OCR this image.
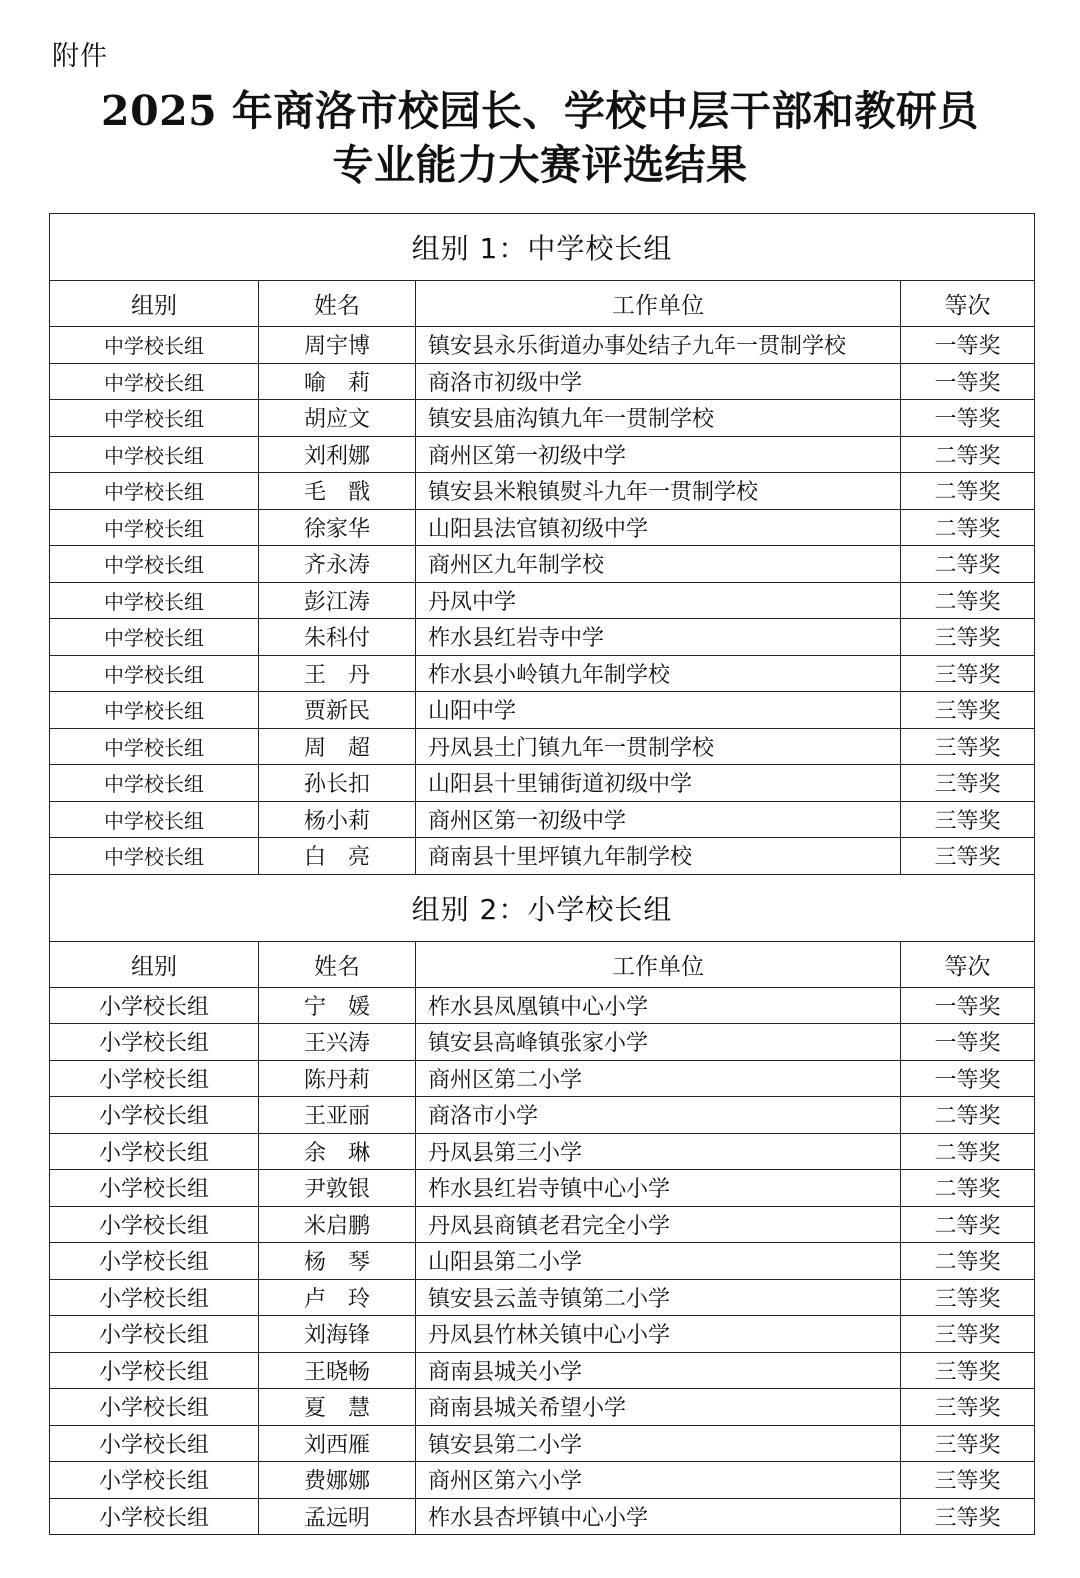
附件
2025 年商洛市校园长、学校中层干部和教研员
专业能力大赛评选结果
组别 1：中学校长组			
组别	姓名	工作单位	等次
中学校长组	周宇博	镇安县永乐街道办事处结子九年一贯制学校	一等奖
中学校长组	喻　莉	商洛市初级中学	一等奖
中学校长组	胡应文	镇安县庙沟镇九年一贯制学校	一等奖
中学校长组	刘利娜	商州区第一初级中学	二等奖
中学校长组	毛　戬	镇安县米粮镇熨斗九年一贯制学校	二等奖
中学校长组	徐家华	山阳县法官镇初级中学	二等奖
中学校长组	齐永涛	商州区九年制学校	二等奖
中学校长组	彭江涛	丹凤中学	二等奖
中学校长组	朱科付	柞水县红岩寺中学	三等奖
中学校长组	王　丹	柞水县小岭镇九年制学校	三等奖
中学校长组	贾新民	山阳中学	三等奖
中学校长组	周　超	丹凤县土门镇九年一贯制学校	三等奖
中学校长组	孙长扣	山阳县十里铺街道初级中学	三等奖
中学校长组	杨小莉	商州区第一初级中学	三等奖
中学校长组	白　亮	商南县十里坪镇九年制学校	三等奖
组别 2：小学校长组			
组别	姓名	工作单位	等次
小学校长组	宁　媛	柞水县凤凰镇中心小学	一等奖
小学校长组	王兴涛	镇安县高峰镇张家小学	一等奖
小学校长组	陈丹莉	商州区第二小学	一等奖
小学校长组	王亚丽	商洛市小学	二等奖
小学校长组	余　琳	丹凤县第三小学	二等奖
小学校长组	尹敦银	柞水县红岩寺镇中心小学	二等奖
小学校长组	米启鹏	丹凤县商镇老君完全小学	二等奖
小学校长组	杨　琴	山阳县第二小学	二等奖
小学校长组	卢　玲	镇安县云盖寺镇第二小学	三等奖
小学校长组	刘海锋	丹凤县竹林关镇中心小学	三等奖
小学校长组	王晓畅	商南县城关小学	三等奖
小学校长组	夏　慧	商南县城关希望小学	三等奖
小学校长组	刘西雁	镇安县第二小学	三等奖
小学校长组	费娜娜	商州区第六小学	三等奖
小学校长组	孟远明	柞水县杏坪镇中心小学	三等奖
